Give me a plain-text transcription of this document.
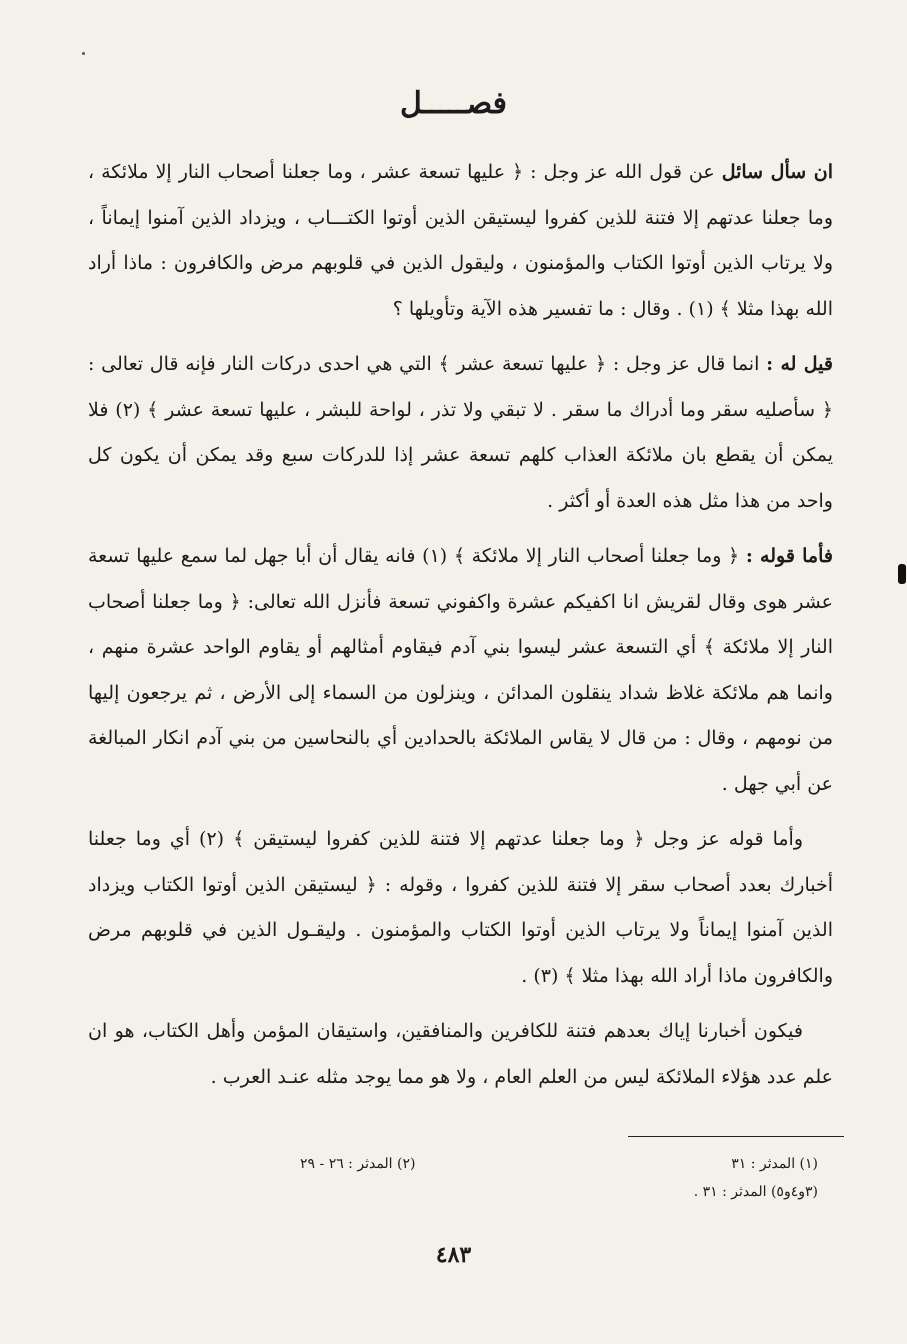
فصـــــل

ان سأل سائل عن قول الله عز وجل : ﴿ عليها تسعة عشر ، وما جعلنا أصحاب النار إلا ملائكة ، وما جعلنا عدتهم إلا فتنة للذين كفروا ليستيقن الذين أوتوا الكتـــاب ، ويزداد الذين آمنوا إيماناً ، ولا يرتاب الذين أوتوا الكتاب والمؤمنون ، وليقول الذين في قلوبهم مرض والكافرون : ماذا أراد الله بهذا مثلا ﴾ (١) . وقال : ما تفسير هذه الآية وتأويلها ؟

قيل له : انما قال عز وجل : ﴿ عليها تسعة عشر ﴾ التي هي احدى دركات النار فإنه قال تعالى : ﴿ سأصليه سقر وما أدراك ما سقر . لا تبقي ولا تذر ، لواحة للبشر ، عليها تسعة عشر ﴾ (٢) فلا يمكن أن يقطع بان ملائكة العذاب كلهم تسعة عشر إذا للدركات سبع وقد يمكن أن يكون كل واحد من هذا مثل هذه العدة أو أكثر .

فأما قوله : ﴿ وما جعلنا أصحاب النار إلا ملائكة ﴾ (١) فانه يقال أن أبا جهل لما سمع عليها تسعة عشر هوى وقال لقريش انا اكفيكم عشرة واكفوني تسعة فأنزل الله تعالى: ﴿ وما جعلنا أصحاب النار إلا ملائكة ﴾ أي التسعة عشر ليسوا بني آدم فيقاوم أمثالهم أو يقاوم الواحد عشرة منهم ، وانما هم ملائكة غلاظ شداد ينقلون المدائن ، وينزلون من السماء إلى الأرض ، ثم يرجعون إليها من نومهم ، وقال : من قال لا يقاس الملائكة بالحدادين أي بالنحاسين من بني آدم انكار المبالغة عن أبي جهل .

وأما قوله عز وجل ﴿ وما جعلنا عدتهم إلا فتنة للذين كفروا ليستيقن ﴾ (٢) أي وما جعلنا أخبارك بعدد أصحاب سقر إلا فتنة للذين كفروا ، وقوله : ﴿ ليستيقن الذين أوتوا الكتاب ويزداد الذين آمنوا إيماناً ولا يرتاب الذين أوتوا الكتاب والمؤمنون . وليقـول الذين في قلوبهم مرض والكافرون ماذا أراد الله بهذا مثلا ﴾ (٣) .

فيكون أخبارنا إياك بعدهم فتنة للكافرين والمنافقين، واستيقان المؤمن وأهل الكتاب، هو ان علم عدد هؤلاء الملائكة ليس من العلم العام ، ولا هو مما يوجد مثله عنـد العرب .

(١) المدثر : ٣١
(٢) المدثر : ٢٦ - ٢٩
(٣و٤و٥) المدثر : ٣١ .
٤٨٣
